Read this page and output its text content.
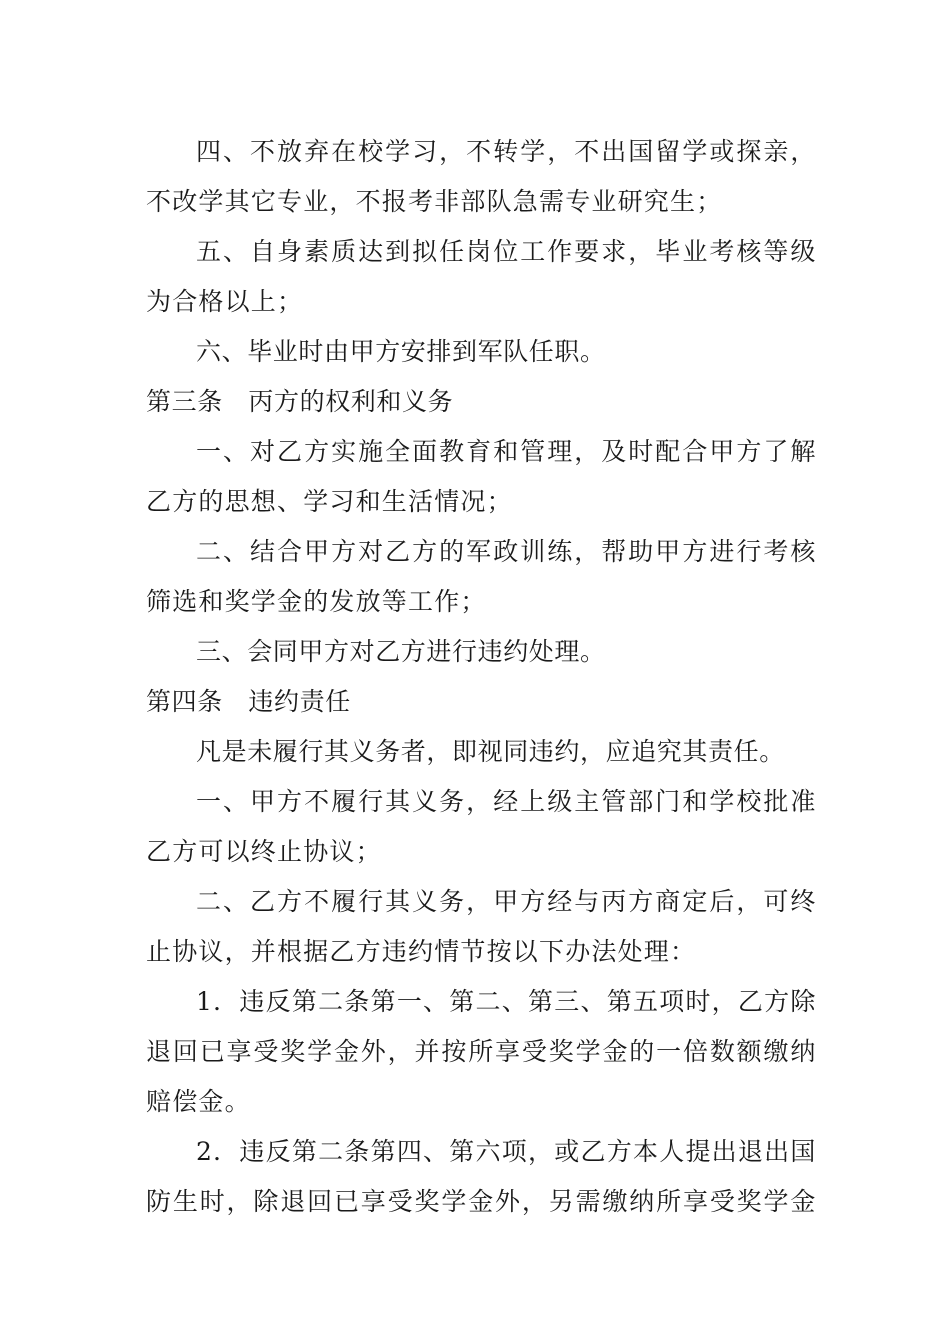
四、不放弃在校学习，不转学，不出国留学或探亲，
不改学其它专业，不报考非部队急需专业研究生；
五、自身素质达到拟任岗位工作要求，毕业考核等级
为合格以上；
六、毕业时由甲方安排到军队任职。
第三条　丙方的权利和义务
一、对乙方实施全面教育和管理，及时配合甲方了解
乙方的思想、学习和生活情况；
二、结合甲方对乙方的军政训练，帮助甲方进行考核
筛选和奖学金的发放等工作；
三、会同甲方对乙方进行违约处理。
第四条　违约责任
凡是未履行其义务者，即视同违约，应追究其责任。
一、甲方不履行其义务，经上级主管部门和学校批准
乙方可以终止协议；
二、乙方不履行其义务，甲方经与丙方商定后，可终
止协议，并根据乙方违约情节按以下办法处理：
1．违反第二条第一、第二、第三、第五项时，乙方除
退回已享受奖学金外，并按所享受奖学金的一倍数额缴纳
赔偿金。
2．违反第二条第四、第六项，或乙方本人提出退出国
防生时，除退回已享受奖学金外，另需缴纳所享受奖学金
